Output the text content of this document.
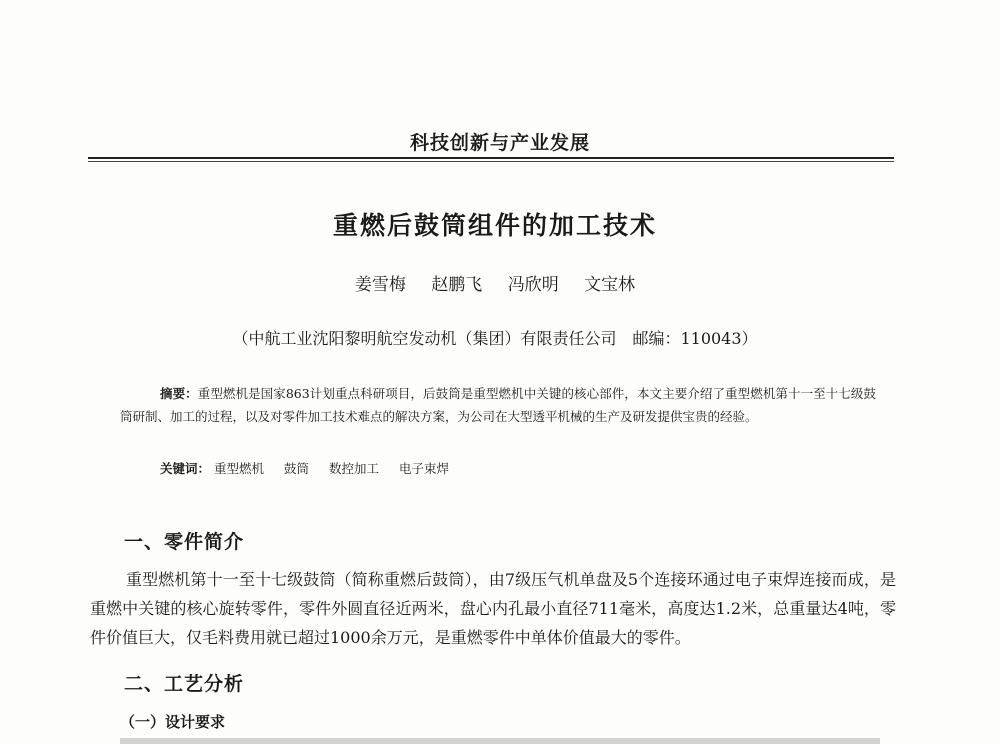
科技创新与产业发展
重燃后鼓筒组件的加工技术
姜雪梅 赵鹏飞 冯欣明 文宝林
（中航工业沈阳黎明航空发动机（集团）有限责任公司　邮编：110043）
摘要：重型燃机是国家863计划重点科研项目，后鼓筒是重型燃机中关键的核心部件，本文主要介绍了重型燃机第十一至十七级鼓筒研制、加工的过程，以及对零件加工技术难点的解决方案，为公司在大型透平机械的生产及研发提供宝贵的经验。
关键词： 重型燃机 鼓筒 数控加工 电子束焊
一、零件简介
重型燃机第十一至十七级鼓筒（简称重燃后鼓筒），由7级压气机单盘及5个连接环通过电子束焊连接而成，是重燃中关键的核心旋转零件，零件外圆直径近两米，盘心内孔最小直径711毫米，高度达1.2米，总重量达4吨，零件价值巨大，仅毛料费用就已超过1000余万元，是重燃零件中单体价值最大的零件。
二、工艺分析
（一）设计要求
